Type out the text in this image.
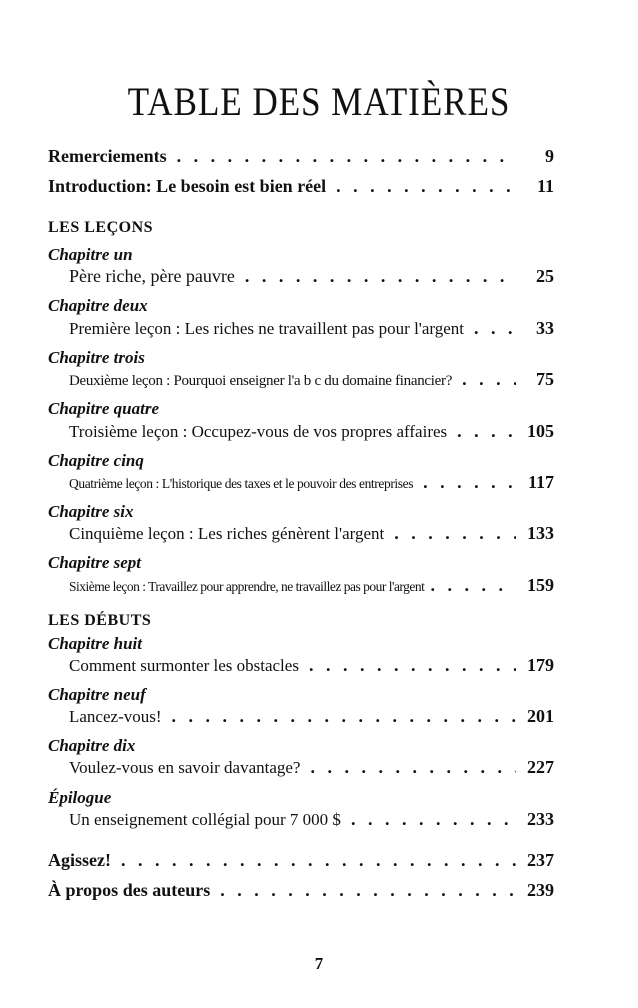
TABLE DES MATIÈRES
Remerciements . . .	9
Introduction: Le besoin est bien réel . . .	11
LES LEÇONS
Chapitre un
Père riche, père pauvre . . .	25
Chapitre deux
Première leçon : Les riches ne travaillent pas pour l'argent . . .	33
Chapitre trois
Deuxième leçon : Pourquoi enseigner l'a b c du domaine financier? . . .	75
Chapitre quatre
Troisième leçon : Occupez-vous de vos propres affaires . . .	105
Chapitre cinq
Quatrième leçon : L'historique des taxes et le pouvoir des entreprises . . .	117
Chapitre six
Cinquième leçon : Les riches génèrent l'argent . . .	133
Chapitre sept
Sixième leçon : Travaillez pour apprendre, ne travaillez pas pour l'argent . . .	159
LES DÉBUTS
Chapitre huit
Comment surmonter les obstacles . . .	179
Chapitre neuf
Lancez-vous! . . .	201
Chapitre dix
Voulez-vous en savoir davantage? . . .	227
Épilogue
Un enseignement collégial pour 7 000 $ . . .	233
Agissez! . . .	237
À propos des auteurs . . .	239
7
